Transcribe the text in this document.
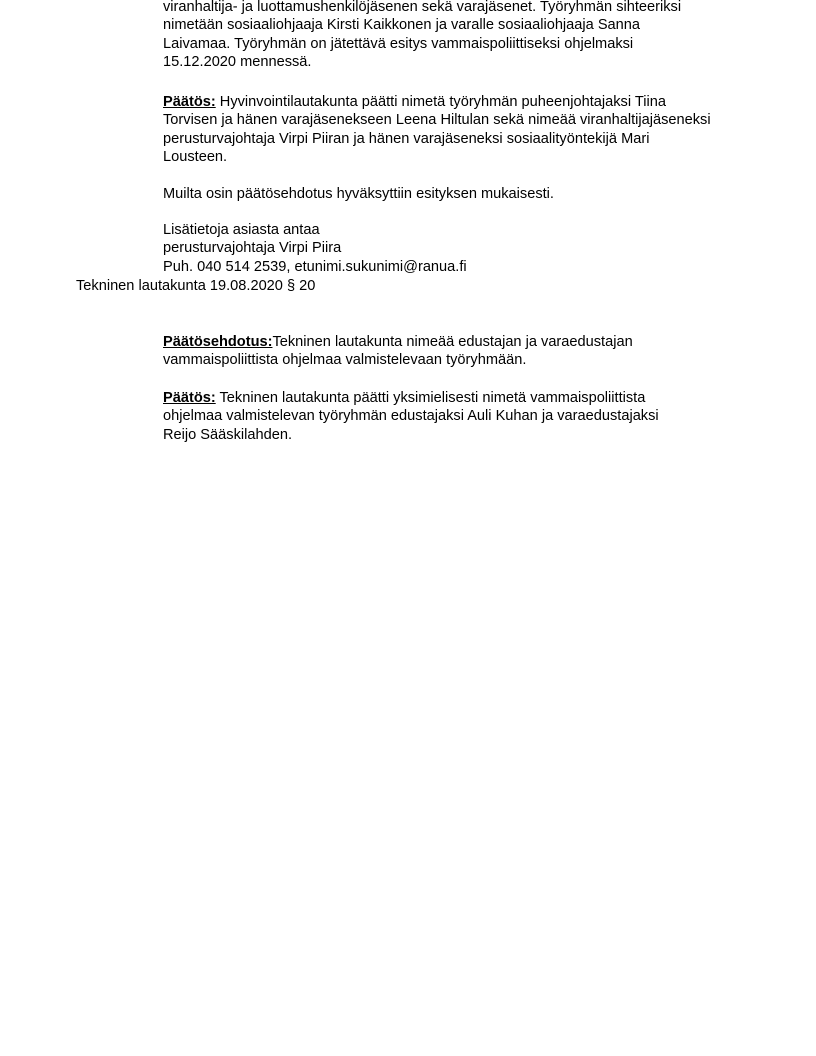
viranhaltija- ja luottamushenkilöjäsenen sekä varajäsenet. Työryhmän sihteeriksi
nimetään sosiaaliohjaaja Kirsti Kaikkonen ja varalle sosiaaliohjaaja Sanna
Laivamaa. Työryhmän on jätettävä esitys vammaispoliittiseksi ohjelmaksi
15.12.2020 mennessä.
Päätös: Hyvinvointilautakunta päätti nimetä työryhmän puheenjohtajaksi Tiina
Torvisen ja hänen varajäsenekseen Leena Hiltulan sekä nimeää viranhaltijajäseneksi
perusturvajohtaja Virpi Piiran ja hänen varajäseneksi sosiaalityöntekijä Mari
Lousteen.
Muilta osin päätösehdotus hyväksyttiin esityksen mukaisesti.
Lisätietoja asiasta antaa
perusturvajohtaja Virpi Piira
Puh. 040 514 2539, etunimi.sukunimi@ranua.fi
Tekninen lautakunta 19.08.2020 § 20
Päätösehdotus:Tekninen lautakunta nimeää edustajan ja varaedustajan
vammaispoliittista ohjelmaa valmistelevaan työryhmään.
Päätös: Tekninen lautakunta päätti yksimielisesti nimetä vammaispoliittista
ohjelmaa valmistelevan työryhmän edustajaksi Auli Kuhan ja varaedustajaksi
Reijo Sääskilahden.
